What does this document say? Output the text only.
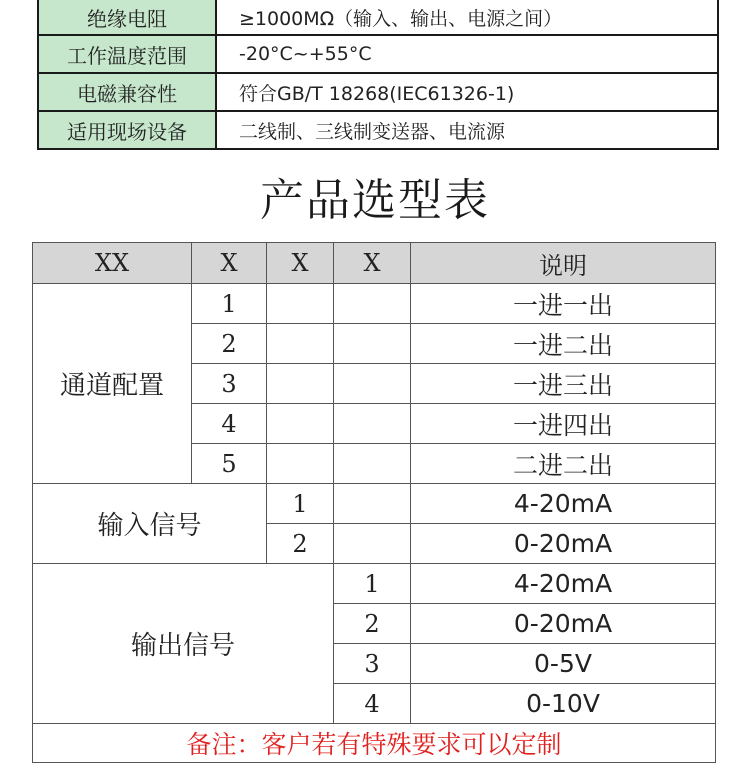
绝缘电阻	≥1000MΩ（输入、输出、电源之间）
工作温度范围	-20°C~+55°C
电磁兼容性	符合GB/T 18268(IEC61326-1)
适用现场设备	二线制、三线制变送器、电流源
产品选型表
XX	X	X	X	说明
通道配置	1			一进一出
	2			一进二出
	3			一进三出
	4			一进四出
	5			二进二出
输入信号		1		4-20mA
		2		0-20mA
输出信号			1	4-20mA
			2	0-20mA
			3	0-5V
			4	0-10V
备注：客户若有特殊要求可以定制				
